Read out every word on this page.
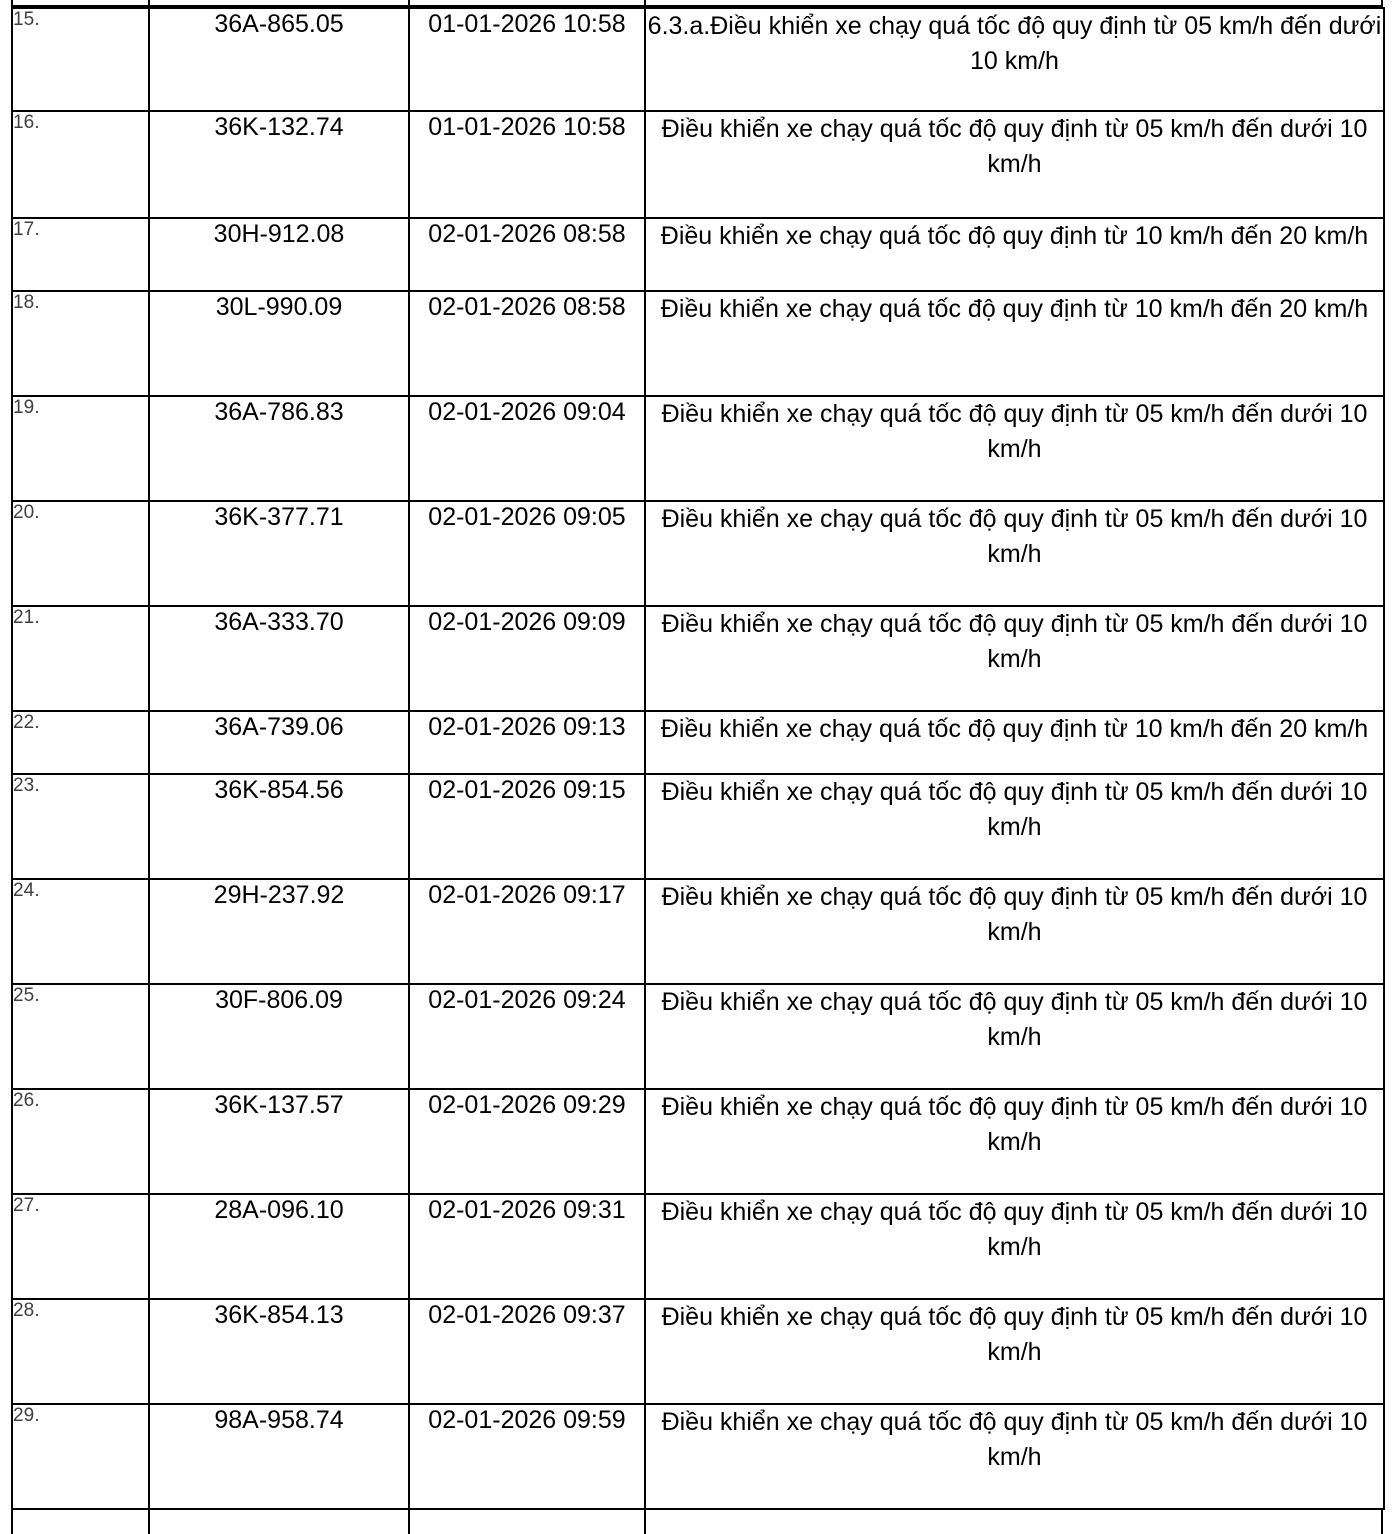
15.	36A-865.05	01-01-2026 10:58	6.3.a.Điều khiển xe chạy quá tốc độ quy định từ 05 km/h đến dưới 10 km/h
16.	36K-132.74	01-01-2026 10:58	Điều khiển xe chạy quá tốc độ quy định từ 05 km/h đến dưới 10 km/h
17.	30H-912.08	02-01-2026 08:58	Điều khiển xe chạy quá tốc độ quy định từ 10 km/h đến 20 km/h
18.	30L-990.09	02-01-2026 08:58	Điều khiển xe chạy quá tốc độ quy định từ 10 km/h đến 20 km/h
19.	36A-786.83	02-01-2026 09:04	Điều khiển xe chạy quá tốc độ quy định từ 05 km/h đến dưới 10 km/h
20.	36K-377.71	02-01-2026 09:05	Điều khiển xe chạy quá tốc độ quy định từ 05 km/h đến dưới 10 km/h
21.	36A-333.70	02-01-2026 09:09	Điều khiển xe chạy quá tốc độ quy định từ 05 km/h đến dưới 10 km/h
22.	36A-739.06	02-01-2026 09:13	Điều khiển xe chạy quá tốc độ quy định từ 10 km/h đến 20 km/h
23.	36K-854.56	02-01-2026 09:15	Điều khiển xe chạy quá tốc độ quy định từ 05 km/h đến dưới 10 km/h
24.	29H-237.92	02-01-2026 09:17	Điều khiển xe chạy quá tốc độ quy định từ 05 km/h đến dưới 10 km/h
25.	30F-806.09	02-01-2026 09:24	Điều khiển xe chạy quá tốc độ quy định từ 05 km/h đến dưới 10 km/h
26.	36K-137.57	02-01-2026 09:29	Điều khiển xe chạy quá tốc độ quy định từ 05 km/h đến dưới 10 km/h
27.	28A-096.10	02-01-2026 09:31	Điều khiển xe chạy quá tốc độ quy định từ 05 km/h đến dưới 10 km/h
28.	36K-854.13	02-01-2026 09:37	Điều khiển xe chạy quá tốc độ quy định từ 05 km/h đến dưới 10 km/h
29.	98A-958.74	02-01-2026 09:59	Điều khiển xe chạy quá tốc độ quy định từ 05 km/h đến dưới 10 km/h
